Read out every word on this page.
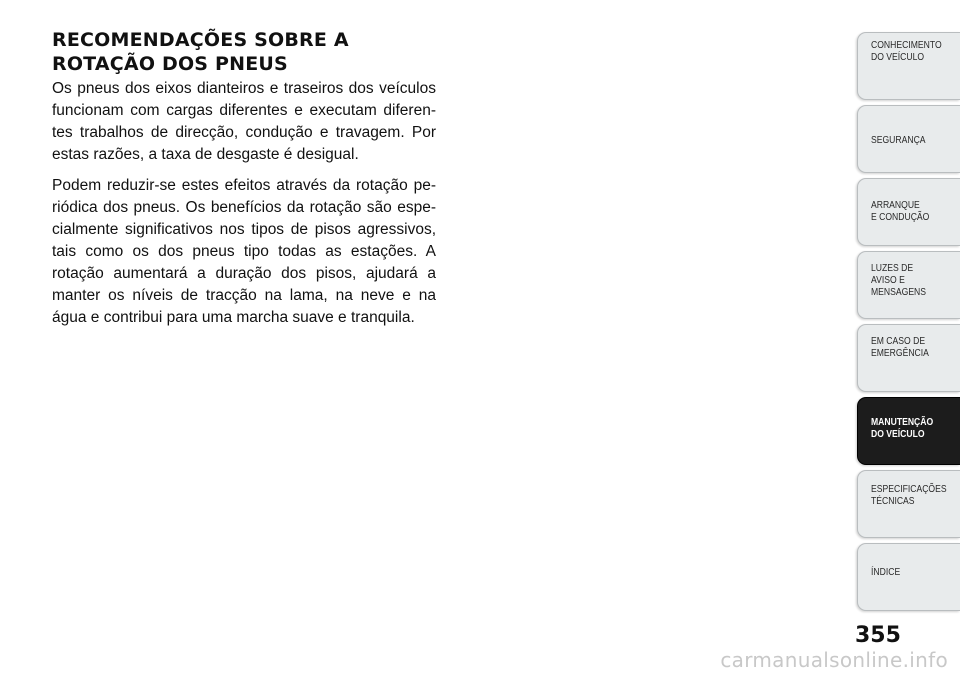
RECOMENDAÇÕES SOBRE A
ROTAÇÃO DOS PNEUS

Os pneus dos eixos dianteiros e traseiros dos veículos funcionam com cargas diferentes e executam diferen-tes trabalhos de direcção, condução e travagem. Por estas razões, a taxa de desgaste é desigual.

Podem reduzir-se estes efeitos através da rotação pe-riódica dos pneus. Os benefícios da rotação são espe-cialmente significativos nos tipos de pisos agressivos, tais como os dos pneus tipo todas as estações. A rotação aumentará a duração dos pisos, ajudará a manter os níveis de tracção na lama, na neve e na água e contribui para uma marcha suave e tranquila.

CONHECIMENTO
DO VEÍCULO
SEGURANÇA
ARRANQUE
E CONDUÇÃO
LUZES DE
AVISO E
MENSAGENS
EM CASO DE
EMERGÊNCIA
MANUTENÇÃO
DO VEÍCULO
ESPECIFICAÇÕES
TÉCNICAS
ÍNDICE
355
carmanualsonline.info
